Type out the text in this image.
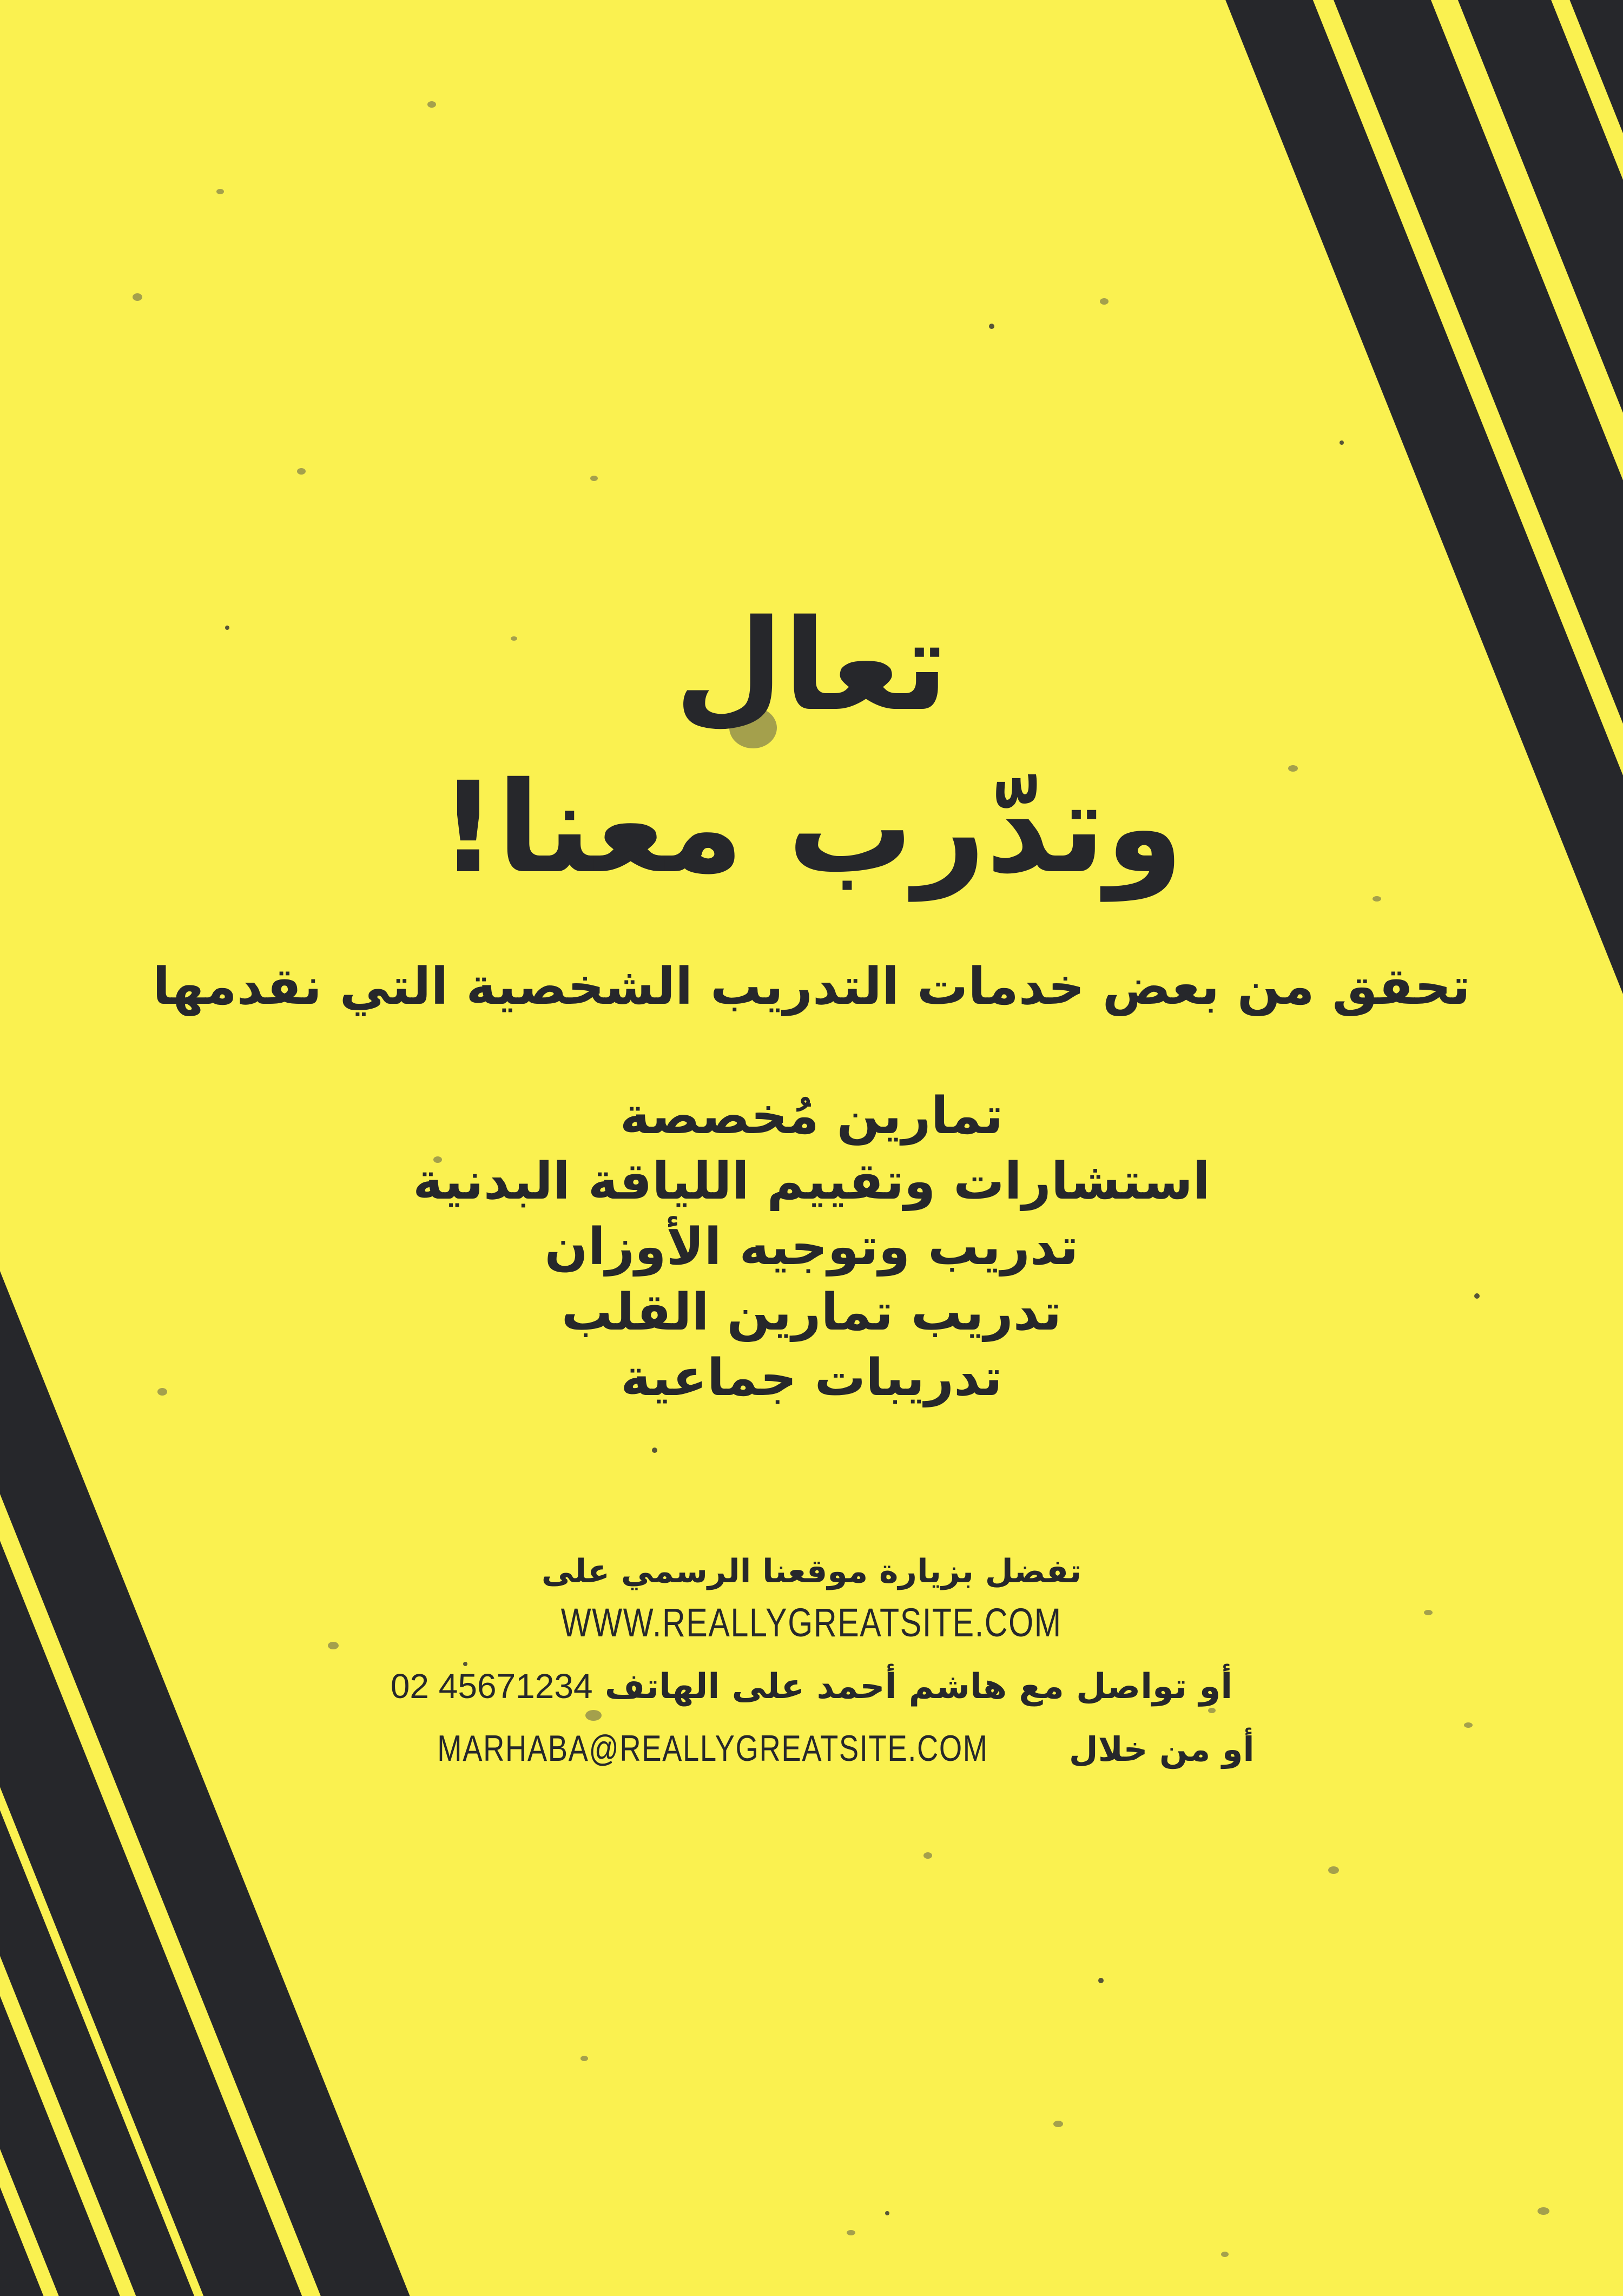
تعال
وتدّرب معنا!
تحقق من بعض خدمات التدريب الشخصية التي نقدمها
تمارين مُخصصة
استشارات وتقييم اللياقة البدنية
تدريب وتوجيه الأوزان
تدريب تمارين القلب
تدريبات جماعية
تفضل بزيارة موقعنا الرسمي على
WWW.REALLYGREATSITE.COM
أو تواصل مع هاشم أحمد على الهاتف 02 45671234
أو من خلال MARHABA@REALLYGREATSITE.COM
